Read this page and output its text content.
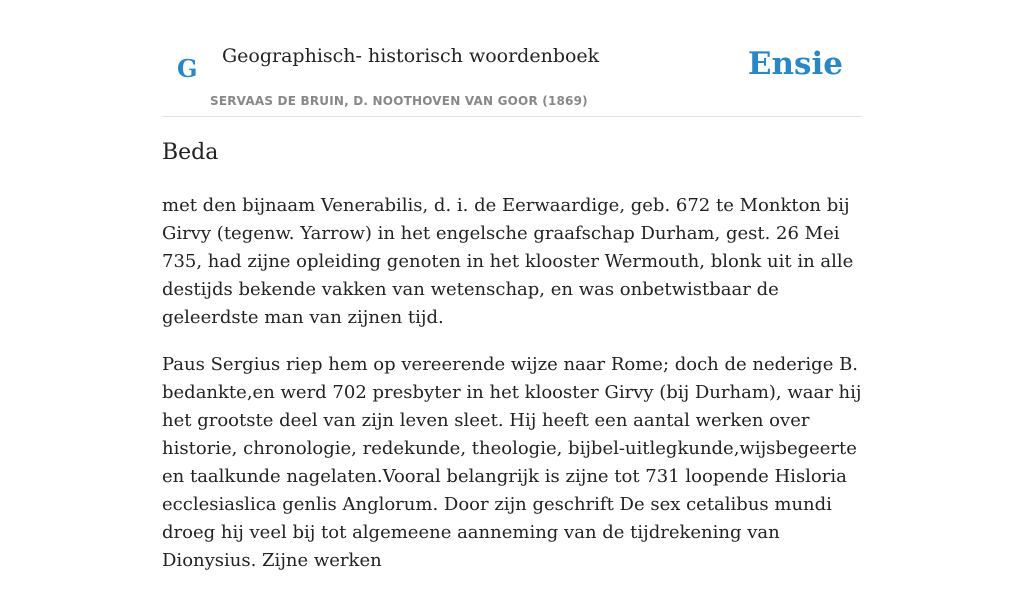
G Geographisch- historisch woordenboek
SERVAAS DE BRUIN, D. NOOTHOVEN VAN GOOR (1869)
Ensie
Beda

met den bijnaam Venerabilis, d. i. de Eerwaardige, geb. 672 te Monkton bij Girvy (tegenw. Yarrow) in het engelsche graafschap Durham, gest. 26 Mei 735, had zijne opleiding genoten in het klooster Wermouth, blonk uit in alle destijds bekende vakken van wetenschap, en was onbetwistbaar de geleerdste man van zijnen tijd.

Paus Sergius riep hem op vereerende wijze naar Rome; doch de nederige B. bedankte,en werd 702 presbyter in het klooster Girvy (bij Durham), waar hij het grootste deel van zijn leven sleet. Hij heeft een aantal werken over historie, chronologie, redekunde, theologie, bijbel-uitlegkunde,wijsbegeerte en taalkunde nagelaten.Vooral belangrijk is zijne tot 731 loopende Hisloria ecclesiaslica genlis Anglorum. Door zijn geschrift De sex cetalibus mundi droeg hij veel bij tot algemeene aanneming van de tijdrekening van Dionysius. Zijne werken
